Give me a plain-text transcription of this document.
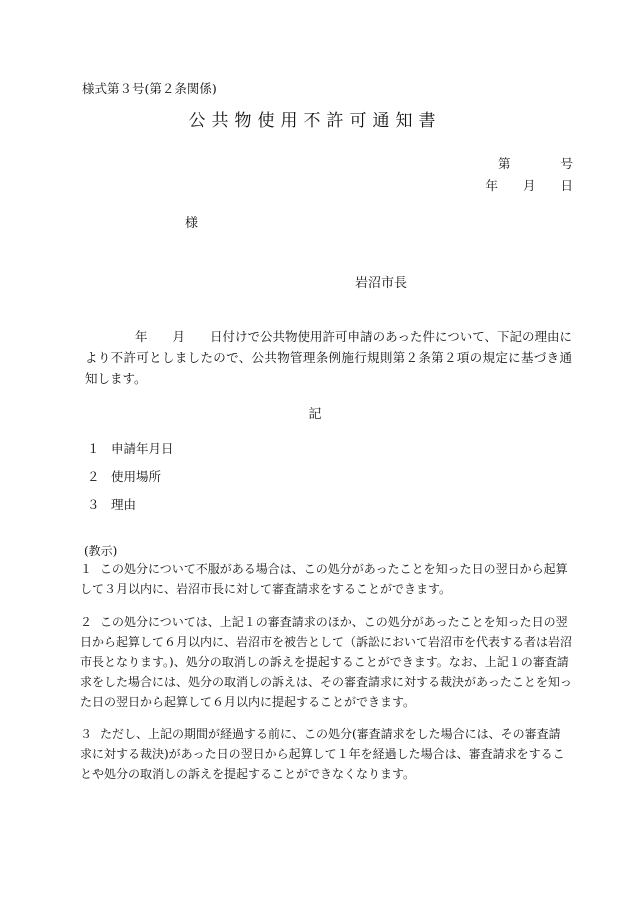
様式第３号(第２条関係)
公共物使用不許可通知書
第　　　　号
年　　月　　日
様
岩沼市長
　　　　年　　月　　日付けで公共物使用許可申請のあった件について、下記の理由により不許可としましたので、公共物管理条例施行規則第２条第２項の規定に基づき通知します。
記
１ 申請年月日
２ 使用場所
３ 理由
(教示)
１ この処分について不服がある場合は、この処分があったことを知った日の翌日から起算して３月以内に、岩沼市長に対して審査請求をすることができます。
２ この処分については、上記１の審査請求のほか、この処分があったことを知った日の翌日から起算して６月以内に、岩沼市を被告として（訴訟において岩沼市を代表する者は岩沼市長となります。)、処分の取消しの訴えを提起することができます。なお、上記１の審査請求をした場合には、処分の取消しの訴えは、その審査請求に対する裁決があったことを知った日の翌日から起算して６月以内に提起することができます。
３ ただし、上記の期間が経過する前に、この処分(審査請求をした場合には、その審査請求に対する裁決)があった日の翌日から起算して１年を経過した場合は、審査請求をすることや処分の取消しの訴えを提起することができなくなります。
